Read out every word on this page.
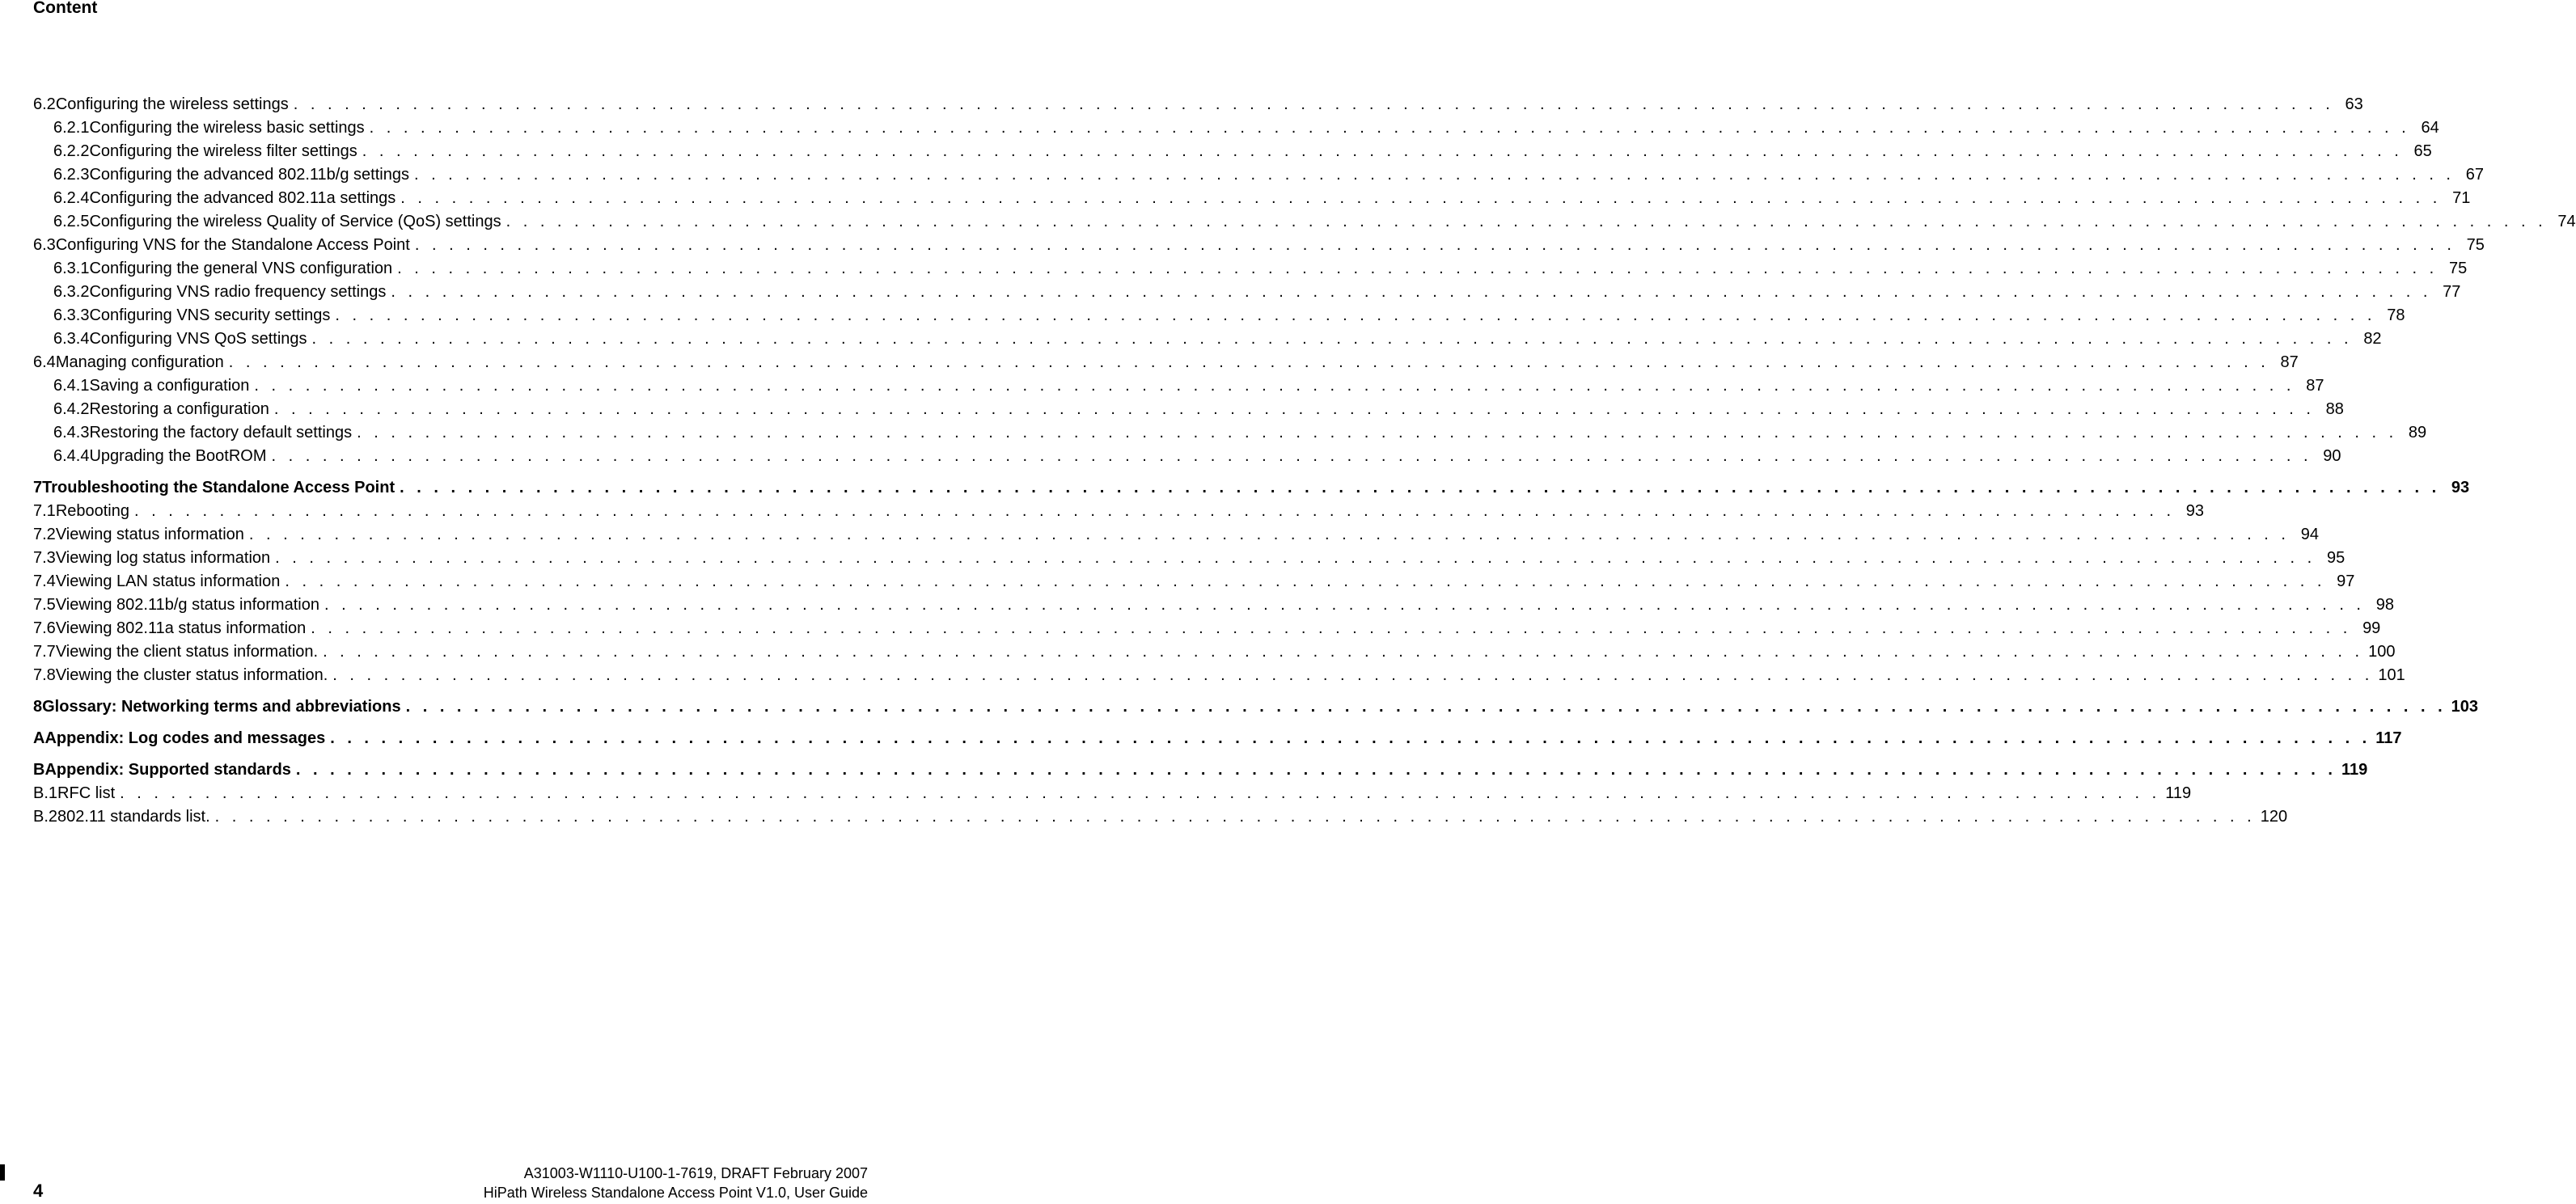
Content
6.2 Configuring the wireless settings . . . . . . . . . . . . . . . . . . . . . . . . . . . . . . . . . . . . . . . . . . . . . . . . . . . . . . . . . . . . . . . . . . . . . . . . . . . . . . . . . . . . . . . . . . . . . . . . . . . . . . . . . . . . . . . . . . . . . . . . 63
6.2.1 Configuring the wireless basic settings . . . . . . . . . . . . . . . . . . . . . . . . . . . . . . . . . . . . . . . . . . . . . . . . . . . . . . . . . . . . . . . . . . . . . . . . . . . . . . . . . . . . . . . . . . . . . . . . . . . . . . . . . . . . . . . . . . . . . . . . 64
6.2.2 Configuring the wireless filter settings . . . . . . . . . . . . . . . . . . . . . . . . . . . . . . . . . . . . . . . . . . . . . . . . . . . . . . . . . . . . . . . . . . . . . . . . . . . . . . . . . . . . . . . . . . . . . . . . . . . . . . . . . . . . . . . . . . . . . . . . 65
6.2.3 Configuring the advanced 802.11b/g settings . . . . . . . . . . . . . . . . . . . . . . . . . . . . . . . . . . . . . . . . . . . . . . . . . . . . . . . . . . . . . . . . . . . . . . . . . . . . . . . . . . . . . . . . . . . . . . . . . . . . . . . . . . . . . . . . . . . . . . . . 67
6.2.4 Configuring the advanced 802.11a settings . . . . . . . . . . . . . . . . . . . . . . . . . . . . . . . . . . . . . . . . . . . . . . . . . . . . . . . . . . . . . . . . . . . . . . . . . . . . . . . . . . . . . . . . . . . . . . . . . . . . . . . . . . . . . . . . . . . . . . . . 71
6.2.5 Configuring the wireless Quality of Service (QoS) settings . . . . . . . . . . . . . . . . . . . . . . . . . . . . . . . . . . . . . . . . . . . . . . . . . . . . . . . . . . . . . . . . . . . . . . . . . . . . . . . . . . . . . . . . . . . . . . . . . . . . . . . . . . . . . . . . . . . . . . . . 74
6.3 Configuring VNS for the Standalone Access Point . . . . . . . . . . . . . . . . . . . . . . . . . . . . . . . . . . . . . . . . . . . . . . . . . . . . . . . . . . . . . . . . . . . . . . . . . . . . . . . . . . . . . . . . . . . . . . . . . . . . . . . . . . . . . . . . . . . . . . . . 75
6.3.1 Configuring the general VNS configuration . . . . . . . . . . . . . . . . . . . . . . . . . . . . . . . . . . . . . . . . . . . . . . . . . . . . . . . . . . . . . . . . . . . . . . . . . . . . . . . . . . . . . . . . . . . . . . . . . . . . . . . . . . . . . . . . . . . . . . . . 75
6.3.2 Configuring VNS radio frequency settings . . . . . . . . . . . . . . . . . . . . . . . . . . . . . . . . . . . . . . . . . . . . . . . . . . . . . . . . . . . . . . . . . . . . . . . . . . . . . . . . . . . . . . . . . . . . . . . . . . . . . . . . . . . . . . . . . . . . . . . . 77
6.3.3 Configuring VNS security settings . . . . . . . . . . . . . . . . . . . . . . . . . . . . . . . . . . . . . . . . . . . . . . . . . . . . . . . . . . . . . . . . . . . . . . . . . . . . . . . . . . . . . . . . . . . . . . . . . . . . . . . . . . . . . . . . . . . . . . . . 78
6.3.4 Configuring VNS QoS settings . . . . . . . . . . . . . . . . . . . . . . . . . . . . . . . . . . . . . . . . . . . . . . . . . . . . . . . . . . . . . . . . . . . . . . . . . . . . . . . . . . . . . . . . . . . . . . . . . . . . . . . . . . . . . . . . . . . . . . . . 82
6.4 Managing configuration . . . . . . . . . . . . . . . . . . . . . . . . . . . . . . . . . . . . . . . . . . . . . . . . . . . . . . . . . . . . . . . . . . . . . . . . . . . . . . . . . . . . . . . . . . . . . . . . . . . . . . . . . . . . . . . . . . . . . . . . 87
6.4.1 Saving a configuration . . . . . . . . . . . . . . . . . . . . . . . . . . . . . . . . . . . . . . . . . . . . . . . . . . . . . . . . . . . . . . . . . . . . . . . . . . . . . . . . . . . . . . . . . . . . . . . . . . . . . . . . . . . . . . . . . . . . . . . . 87
6.4.2 Restoring a configuration . . . . . . . . . . . . . . . . . . . . . . . . . . . . . . . . . . . . . . . . . . . . . . . . . . . . . . . . . . . . . . . . . . . . . . . . . . . . . . . . . . . . . . . . . . . . . . . . . . . . . . . . . . . . . . . . . . . . . . . . 88
6.4.3 Restoring the factory default settings . . . . . . . . . . . . . . . . . . . . . . . . . . . . . . . . . . . . . . . . . . . . . . . . . . . . . . . . . . . . . . . . . . . . . . . . . . . . . . . . . . . . . . . . . . . . . . . . . . . . . . . . . . . . . . . . . . . . . . . . 89
6.4.4 Upgrading the BootROM . . . . . . . . . . . . . . . . . . . . . . . . . . . . . . . . . . . . . . . . . . . . . . . . . . . . . . . . . . . . . . . . . . . . . . . . . . . . . . . . . . . . . . . . . . . . . . . . . . . . . . . . . . . . . . . . . . . . . . . . 90
7 Troubleshooting the Standalone Access Point . . . . . . . . . . . . . . . . . . . . . . . . . . . . . . . . . . . . . . . . . . . . . . . . . . . . . . . . . . . . . . . . . . . . . . . . . . . . . . . . . . . . . . . . . . . . . . . . . . . . . . . . . . . . . . . . . . . . . . . . 93
7.1 Rebooting . . . . . . . . . . . . . . . . . . . . . . . . . . . . . . . . . . . . . . . . . . . . . . . . . . . . . . . . . . . . . . . . . . . . . . . . . . . . . . . . . . . . . . . . . . . . . . . . . . . . . . . . . . . . . . . . . . . . . . . . 93
7.2 Viewing status information . . . . . . . . . . . . . . . . . . . . . . . . . . . . . . . . . . . . . . . . . . . . . . . . . . . . . . . . . . . . . . . . . . . . . . . . . . . . . . . . . . . . . . . . . . . . . . . . . . . . . . . . . . . . . . . . . . . . . . . . 94
7.3 Viewing log status information . . . . . . . . . . . . . . . . . . . . . . . . . . . . . . . . . . . . . . . . . . . . . . . . . . . . . . . . . . . . . . . . . . . . . . . . . . . . . . . . . . . . . . . . . . . . . . . . . . . . . . . . . . . . . . . . . . . . . . . . 95
7.4 Viewing LAN status information . . . . . . . . . . . . . . . . . . . . . . . . . . . . . . . . . . . . . . . . . . . . . . . . . . . . . . . . . . . . . . . . . . . . . . . . . . . . . . . . . . . . . . . . . . . . . . . . . . . . . . . . . . . . . . . . . . . . . . . . 97
7.5 Viewing 802.11b/g status information . . . . . . . . . . . . . . . . . . . . . . . . . . . . . . . . . . . . . . . . . . . . . . . . . . . . . . . . . . . . . . . . . . . . . . . . . . . . . . . . . . . . . . . . . . . . . . . . . . . . . . . . . . . . . . . . . . . . . . . . 98
7.6 Viewing 802.11a status information . . . . . . . . . . . . . . . . . . . . . . . . . . . . . . . . . . . . . . . . . . . . . . . . . . . . . . . . . . . . . . . . . . . . . . . . . . . . . . . . . . . . . . . . . . . . . . . . . . . . . . . . . . . . . . . . . . . . . . . . 99
7.7 Viewing the client status information. . . . . . . . . . . . . . . . . . . . . . . . . . . . . . . . . . . . . . . . . . . . . . . . . . . . . . . . . . . . . . . . . . . . . . . . . . . . . . . . . . . . . . . . . . . . . . . . . . . . . . . . . . . . . . . . . . . . . . . . . 100
7.8 Viewing the cluster status information. . . . . . . . . . . . . . . . . . . . . . . . . . . . . . . . . . . . . . . . . . . . . . . . . . . . . . . . . . . . . . . . . . . . . . . . . . . . . . . . . . . . . . . . . . . . . . . . . . . . . . . . . . . . . . . . . . . . . . . . . 101
8 Glossary: Networking terms and abbreviations . . . . . . . . . . . . . . . . . . . . . . . . . . . . . . . . . . . . . . . . . . . . . . . . . . . . . . . . . . . . . . . . . . . . . . . . . . . . . . . . . . . . . . . . . . . . . . . . . . . . . . . . . . . . . . . . . . . . . . . . 103
A Appendix: Log codes and messages . . . . . . . . . . . . . . . . . . . . . . . . . . . . . . . . . . . . . . . . . . . . . . . . . . . . . . . . . . . . . . . . . . . . . . . . . . . . . . . . . . . . . . . . . . . . . . . . . . . . . . . . . . . . . . . . . . . . . . . . 117
B Appendix: Supported standards . . . . . . . . . . . . . . . . . . . . . . . . . . . . . . . . . . . . . . . . . . . . . . . . . . . . . . . . . . . . . . . . . . . . . . . . . . . . . . . . . . . . . . . . . . . . . . . . . . . . . . . . . . . . . . . . . . . . . . . . 119
B.1 RFC list . . . . . . . . . . . . . . . . . . . . . . . . . . . . . . . . . . . . . . . . . . . . . . . . . . . . . . . . . . . . . . . . . . . . . . . . . . . . . . . . . . . . . . . . . . . . . . . . . . . . . . . . . . . . . . . . . . . . . . . . 119
B.2 802.11 standards list. . . . . . . . . . . . . . . . . . . . . . . . . . . . . . . . . . . . . . . . . . . . . . . . . . . . . . . . . . . . . . . . . . . . . . . . . . . . . . . . . . . . . . . . . . . . . . . . . . . . . . . . . . . . . . . . . . . . . . . . . 120
4
A31003-W1110-U100-1-7619, DRAFT February 2007
HiPath Wireless Standalone Access Point V1.0, User Guide
